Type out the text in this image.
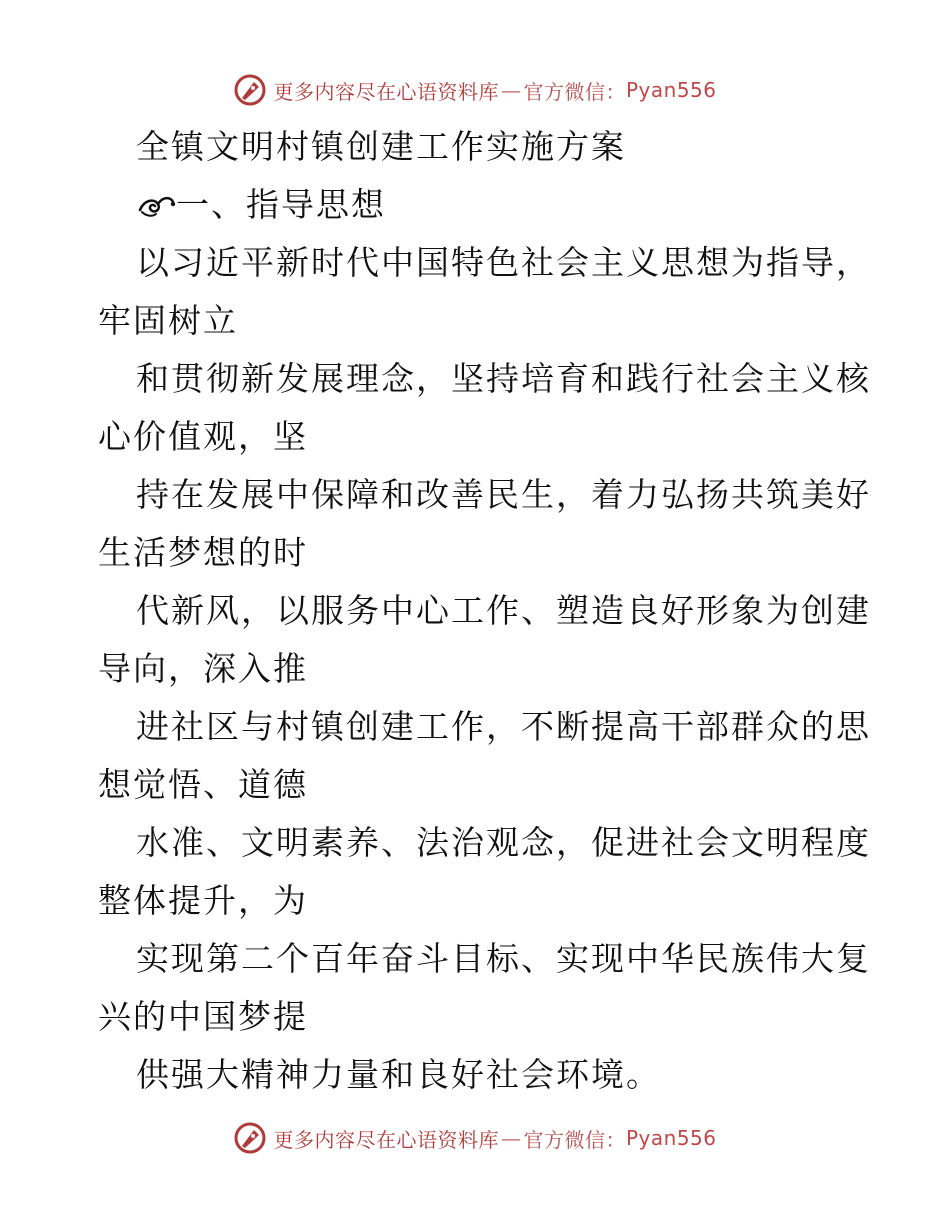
更多内容尽在心语资料库 — 官方微信： Pyan556
全镇文明村镇创建工作实施方案
一、指导思想
以习近平新时代中国特色社会主义思想为指导，
牢固树立
和贯彻新发展理念，坚持培育和践行社会主义核
心价值观，坚
持在发展中保障和改善民生，着力弘扬共筑美好
生活梦想的时
代新风，以服务中心工作、塑造良好形象为创建
导向，深入推
进社区与村镇创建工作，不断提高干部群众的思
想觉悟、道德
水准、文明素养、法治观念，促进社会文明程度
整体提升，为
实现第二个百年奋斗目标、实现中华民族伟大复
兴的中国梦提
供强大精神力量和良好社会环境。
更多内容尽在心语资料库 — 官方微信： Pyan556
